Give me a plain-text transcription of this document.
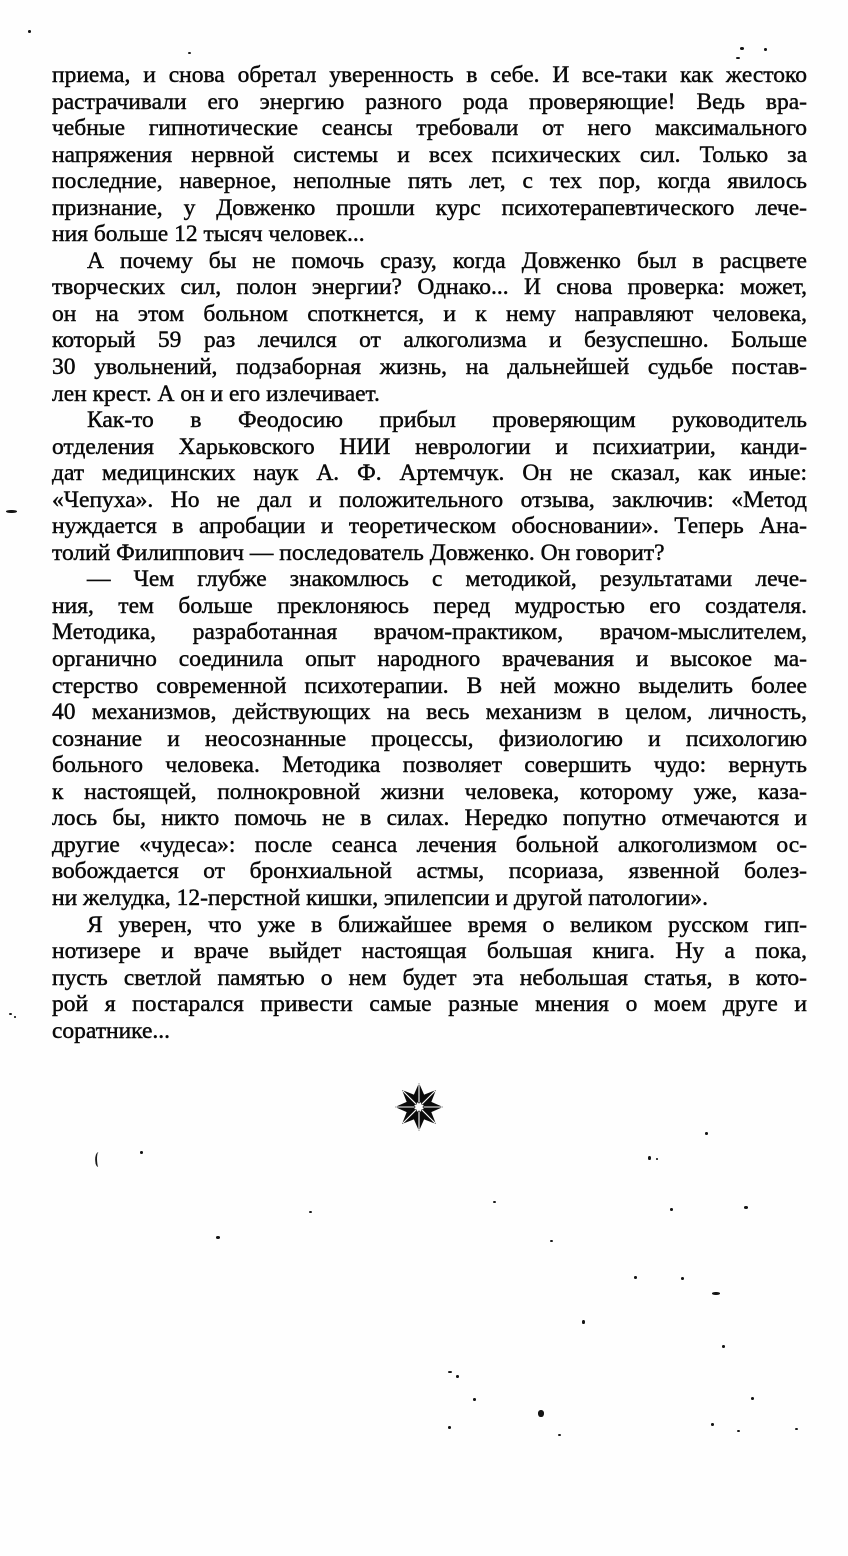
приема, и снова обретал уверенность в себе. И все-таки как жестоко
растрачивали его энергию разного рода проверяющие! Ведь вра-
чебные гипнотические сеансы требовали от него максимального
напряжения нервной системы и всех психических сил. Только за
последние, наверное, неполные пять лет, с тех пор, когда явилось
признание, у Довженко прошли курс психотерапевтического лече-
ния больше 12 тысяч человек...
А почему бы не помочь сразу, когда Довженко был в расцвете
творческих сил, полон энергии? Однако... И снова проверка: может,
он на этом больном споткнется, и к нему направляют человека,
который 59 раз лечился от алкоголизма и безуспешно. Больше
30 увольнений, подзаборная жизнь, на дальнейшей судьбе постав-
лен крест. А он и его излечивает.
Как-то в Феодосию прибыл проверяющим руководитель
отделения Харьковского НИИ неврологии и психиатрии, канди-
дат медицинских наук А. Ф. Артемчук. Он не сказал, как иные:
«Чепуха». Но не дал и положительного отзыва, заключив: «Метод
нуждается в апробации и теоретическом обосновании». Теперь Ана-
толий Филиппович — последователь Довженко. Он говорит?
— Чем глубже знакомлюсь с методикой, результатами лече-
ния, тем больше преклоняюсь перед мудростью его создателя.
Методика, разработанная врачом-практиком, врачом-мыслителем,
органично соединила опыт народного врачевания и высокое ма-
стерство современной психотерапии. В ней можно выделить более
40 механизмов, действующих на весь механизм в целом, личность,
сознание и неосознанные процессы, физиологию и психологию
больного человека. Методика позволяет совершить чудо: вернуть
к настоящей, полнокровной жизни человека, которому уже, каза-
лось бы, никто помочь не в силах. Нередко попутно отмечаются и
другие «чудеса»: после сеанса лечения больной алкоголизмом ос-
вобождается от бронхиальной астмы, псориаза, язвенной болез-
ни желудка, 12-перстной кишки, эпилепсии и другой патологии».
Я уверен, что уже в ближайшее время о великом русском гип-
нотизере и враче выйдет настоящая большая книга. Ну а пока,
пусть светлой памятью о нем будет эта небольшая статья, в кото-
рой я постарался привести самые разные мнения о моем друге и
соратнике...
